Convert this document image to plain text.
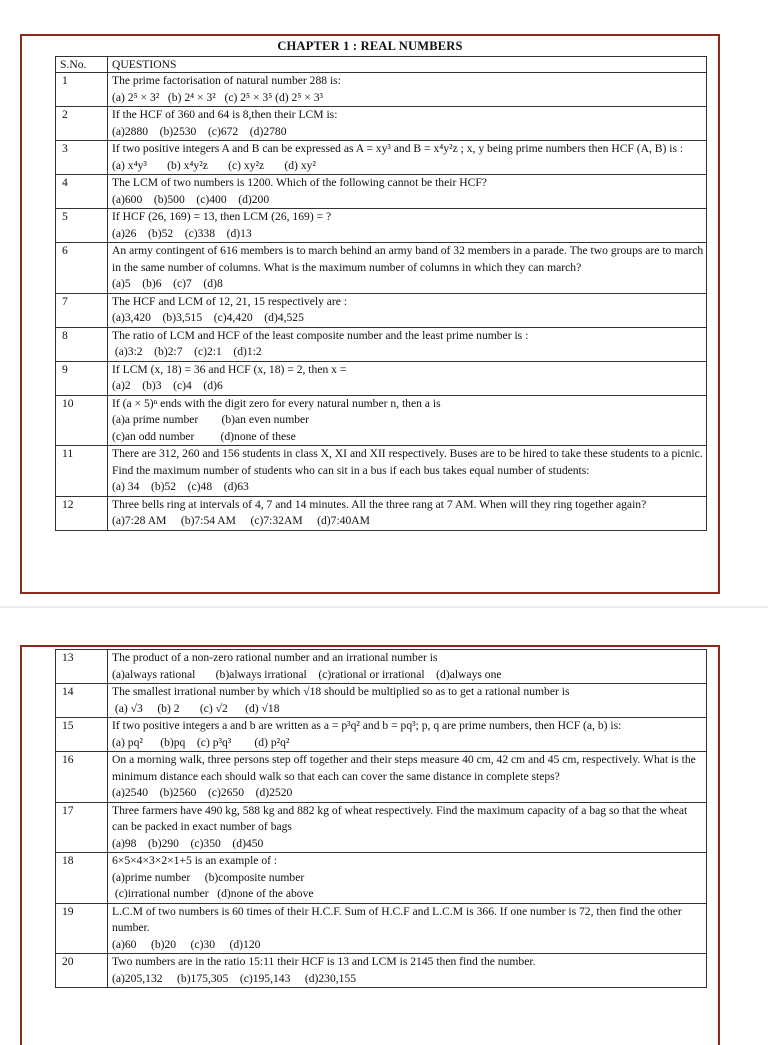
CHAPTER 1 : REAL NUMBERS
S.No.	QUESTIONS
1	The prime factorisation of natural number 288 is:
(a) 2⁵ × 3²   (b) 2⁴ × 3²   (c) 2⁵ × 3⁵ (d) 2⁵ × 3³

2	If the HCF of 360 and 64 is 8,then their LCM is:
(a)2880    (b)2530    (c)672    (d)2780

3	If two positive integers A and B can be expressed as A = xy³ and B = x⁴y²z ; x, y being prime numbers then HCF (A, B) is :
(a) x⁴y³       (b) x⁴y²z       (c) xy²z       (d) xy²

4	The LCM of two numbers is 1200. Which of the following cannot be their HCF?
(a)600    (b)500    (c)400    (d)200

5	If HCF (26, 169) = 13, then LCM (26, 169) = ?
(a)26    (b)52    (c)338    (d)13

6	An army contingent of 616 members is to march behind an army band of 32 members in a parade. The two groups are to march in the same number of columns. What is the maximum number of columns in which they can march?
(a)5    (b)6    (c)7    (d)8

7	The HCF and LCM of 12, 21, 15 respectively are :
(a)3,420    (b)3,515    (c)4,420    (d)4,525

8	The ratio of LCM and HCF of the least composite number and the least prime number is :
(a)3:2    (b)2:7    (c)2:1    (d)1:2

9	If LCM (x, 18) = 36 and HCF (x, 18) = 2, then x =
(a)2    (b)3    (c)4    (d)6

10	If (a × 5)ⁿ ends with the digit zero for every natural number n, then a is
(a)a prime number        (b)an even number
(c)an odd number         (d)none of these

11	There are 312, 260 and 156 students in class X, XI and XII respectively. Buses are to be hired to take these students to a picnic. Find the maximum number of students who can sit in a bus if each bus takes equal number of students:
(a) 34    (b)52    (c)48    (d)63

12	Three bells ring at intervals of 4, 7 and 14 minutes. All the three rang at 7 AM. When will they ring together again?
(a)7:28 AM     (b)7:54 AM     (c)7:32AM     (d)7:40AM
13	The product of a non-zero rational number and an irrational number is
(a)always rational       (b)always irrational    (c)rational or irrational    (d)always one

14	The smallest irrational number by which √18 should be multiplied so as to get a rational number is
(a) √3     (b) 2       (c) √2      (d) √18

15	If two positive integers a and b are written as a = p³q² and b = pq³; p, q are prime numbers, then HCF (a, b) is:
(a) pq²      (b)pq    (c) p³q³        (d) p²q²

16	On a morning walk, three persons step off together and their steps measure 40 cm, 42 cm and 45 cm, respectively. What is the minimum distance each should walk so that each can cover the same distance in complete steps?
(a)2540    (b)2560    (c)2650    (d)2520

17	Three farmers have 490 kg, 588 kg and 882 kg of wheat respectively. Find the maximum capacity of a bag so that the wheat can be packed in exact number of bags
(a)98    (b)290    (c)350    (d)450

18	6×5×4×3×2×1+5 is an example of :
(a)prime number     (b)composite number
(c)irrational number   (d)none of the above

19	L.C.M of two numbers is 60 times of their H.C.F. Sum of H.C.F and L.C.M is 366. If one number is 72, then find the other number.
(a)60     (b)20     (c)30     (d)120

20	Two numbers are in the ratio 15:11 their HCF is 13 and LCM is 2145 then find the number.
(a)205,132     (b)175,305    (c)195,143     (d)230,155
